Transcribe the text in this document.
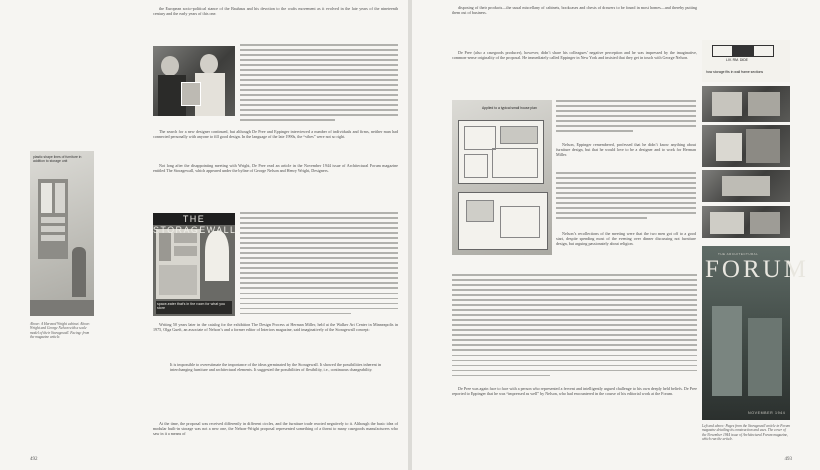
plastic shape lines of furniture in addition to storage unit

Above: A Harvard Wright cabinet. Above: Wright and George Nelson with a scale model of their Storagewall. Facing: from the magazine article.

THE STORAGEWALL
space-eater that's in the room for what you store

the European socio-political stance of the Bauhaus and his devotion to the crafts movement as it evolved in the late years of the nineteenth century and the early years of this one.

The search for a new designer continued, but although De Pree and Eppinger interviewed a number of individuals and firms, neither man had connected personally with anyone to fill good design. In the language of the late 1990s, the “vibes” were not so right.

Not long after the disappointing meeting with Wright, De Pree read an article in the November 1944 issue of Architectural Forum magazine entitled The Storagewall, which appeared under the byline of George Nelson and Henry Wright, Designers.

Writing 50 years later in the catalog for the exhibition The Design Process at Herman Miller, held at the Walker Art Center in Minneapolis in 1975, Olga Gueft, an associate of Nelson’s and a former editor of Interiors magazine, said imaginatively of the Storagewall concept:

It is impossible to overestimate the importance of the ideas germinated by the Storagewall. It showed the possibilities inherent in interchanging furniture and architectural elements. It suggested the possibilities of flexibility, i.e., continuous changeability.

At the time, the proposal was received differently in different circles, and the furniture trade reacted negatively to it. Although the basic idea of modular built-in storage was not a new one, the Nelson-Wright proposal represented something of a threat to many casegoods manufacturers who saw in it a means of

492

disposing of their products—the usual miscellany of cabinets, bookcases and chests of drawers to be found in most homes—and thereby putting them out of business.

De Pree (also a casegoods producer), however, didn’t share his colleagues’ negative perception and he was impressed by the imaginative, common-sense originality of the proposal. He immediately called Eppinger in New York and insisted that they get in touch with George Nelson.

Applied to a typical small house plan

Nelson, Eppinger remembered, professed that he didn’t know anything about furniture design, but that he would love to be a designer and to work for Herman Miller.

Nelson’s recollections of the meeting were that the two men got off to a good start, despite spending most of the evening over dinner discussing not furniture design, but arguing passionately about religion.

De Pree was again face to face with a person who represented a fervent and intelligently argued challenge to his own deeply held beliefs. De Pree reported to Eppinger that he was “impressed as well” by Nelson, who had encountered in the course of his editorial work at the Forum.

LIV. RM. DIDE
how storage fits in wall frame sections
THE ARCHITECTURAL
FORUM
NOVEMBER 1944

Left and above: Pages from the Storagewall article in Forum magazine detailing its construction and uses. The cover of the November 1944 issue of Architectural Forum magazine, which ran the article.

493
